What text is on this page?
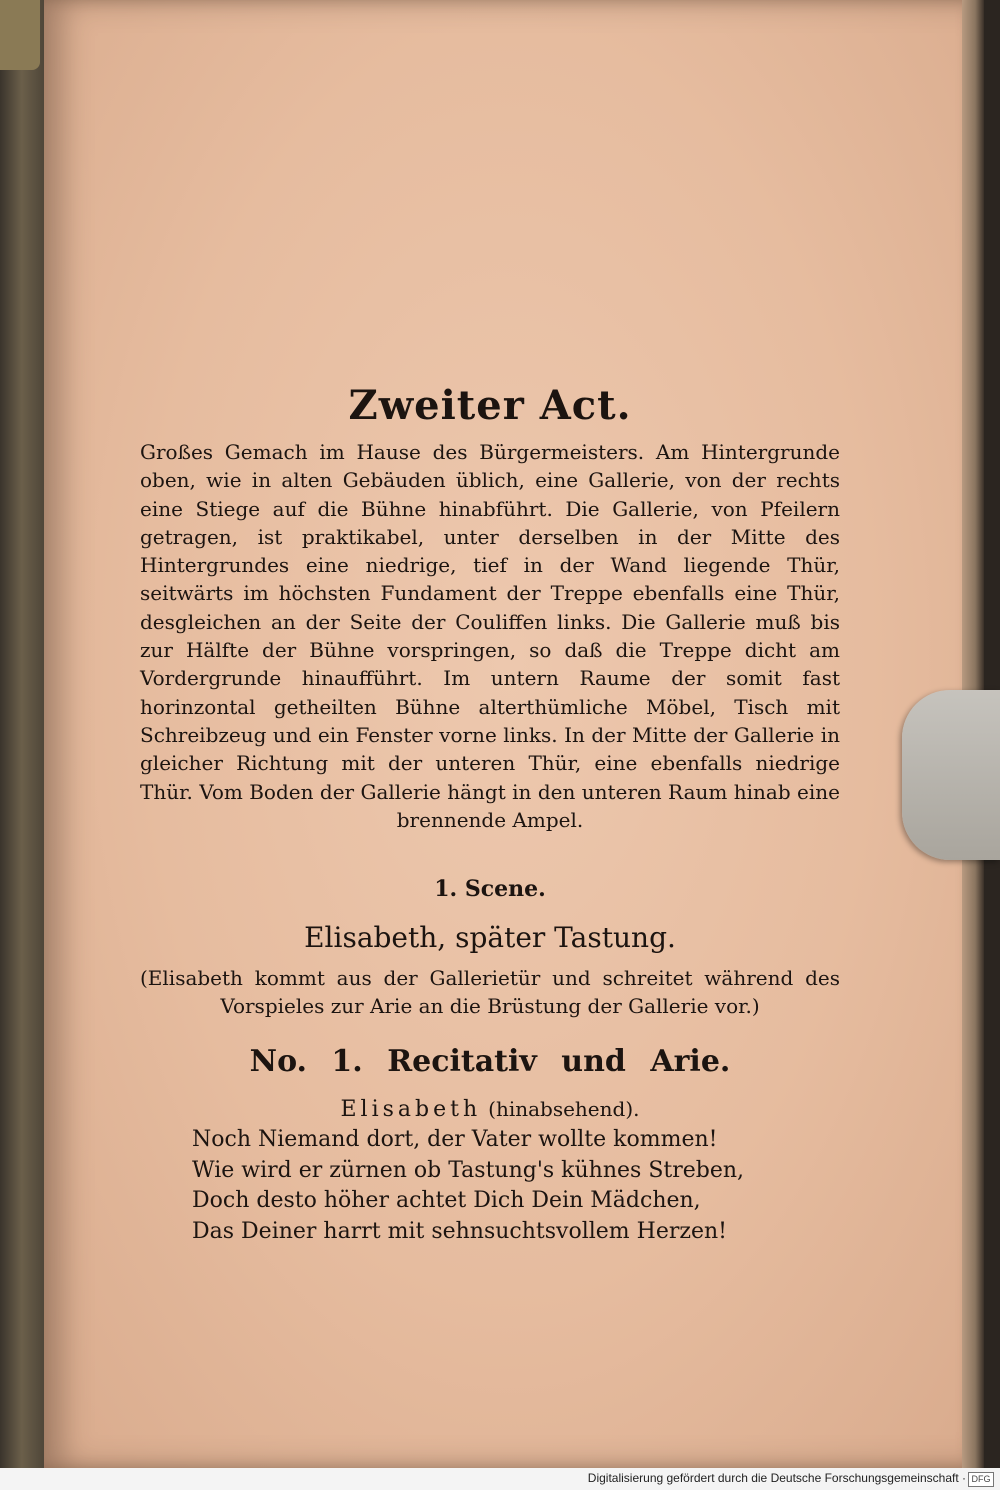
Zweiter Act.

Großes Gemach im Hause des Bürgermeisters. Am Hintergrunde oben, wie in alten Gebäuden üblich, eine Gallerie, von der rechts eine Stiege auf die Bühne hinabführt. Die Gallerie, von Pfeilern getragen, ist praktikabel, unter derselben in der Mitte des Hintergrundes eine niedrige, tief in der Wand liegende Thür, seitwärts im höchsten Fundament der Treppe ebenfalls eine Thür, desgleichen an der Seite der Couliffen links. Die Gallerie muß bis zur Hälfte der Bühne vorspringen, so daß die Treppe dicht am Vordergrunde hinaufführt. Im untern Raume der somit fast horinzontal getheilten Bühne alterthümliche Möbel, Tisch mit Schreibzeug und ein Fenster vorne links. In der Mitte der Gallerie in gleicher Richtung mit der unteren Thür, eine ebenfalls niedrige Thür. Vom Boden der Gallerie hängt in den unteren Raum hinab eine brennende Ampel.

1. Scene.
Elisabeth, später Tastung.

(Elisabeth kommt aus der Gallerietür und schreitet während des Vorspieles zur Arie an die Brüstung der Gallerie vor.)

No. 1. Recitativ und Arie.
Elisabeth (hinabsehend).
Noch Niemand dort, der Vater wollte kommen!
Wie wird er zürnen ob Tastung's kühnes Streben,
Doch desto höher achtet Dich Dein Mädchen,
Das Deiner harrt mit sehnsuchtsvollem Herzen!
Digitalisierung gefördert durch die Deutsche Forschungsgemeinschaft · DFG
